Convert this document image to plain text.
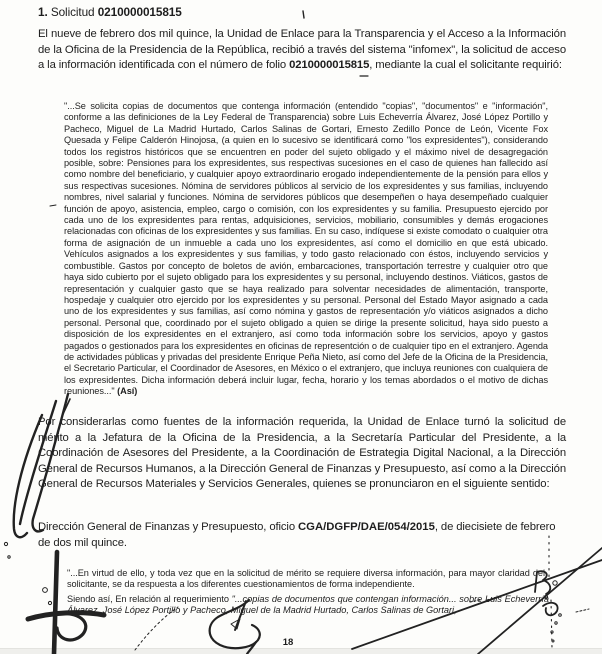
1. Solicitud 0210000015815

El nueve de febrero dos mil quince, la Unidad de Enlace para la Transparencia y el Acceso a la Información de la Oficina de la Presidencia de la República, recibió a través del sistema "infomex", la solicitud de acceso a la información identificada con el número de folio 0210000015815, mediante la cual el solicitante requirió:

"...Se solicita copias de documentos que contenga información (entendido "copias", "documentos" e "información", conforme a las definiciones de la Ley Federal de Transparencia) sobre Luis Echeverría Álvarez, José López Portillo y Pacheco, Miguel de La Madrid Hurtado, Carlos Salinas de Gortari, Ernesto Zedillo Ponce de León, Vicente Fox Quesada y Felipe Calderón Hinojosa, (a quien en lo sucesivo se identificará como "los expresidentes"), considerando todos los registros históricos que se encuentren en poder del sujeto obligado y el máximo nivel de desagregación posible, sobre: Pensiones para los expresidentes, sus respectivas sucesiones en el caso de quienes han fallecido así como nombre del beneficiario, y cualquier apoyo extraordinario erogado independientemente de la pensión para ellos y sus respectivas sucesiones. Nómina de servidores públicos al servicio de los expresidentes y sus familias, incluyendo nombres, nivel salarial y funciones. Nómina de servidores públicos que desempeñen o haya desempeñado cualquier función de apoyo, asistencia, empleo, cargo o comisión, con los expresidentes y su familia. Presupuesto ejercido por cada uno de los expresidentes para rentas, adquisiciones, servicios, mobiliario, consumibles y demás erogaciones relacionadas con oficinas de los expresidentes y sus familias. En su caso, indíquese si existe comodato o cualquier otra forma de asignación de un inmueble a cada uno los expresidentes, así como el domicilio en que está ubicado. Vehículos asignados a los expresidentes y sus familias, y todo gasto relacionado con éstos, incluyendo servicios y combustible. Gastos por concepto de boletos de avión, embarcaciones, transportación terrestre y cualquier otro que haya sido cubierto por el sujeto obligado para los expresidentes y su personal, incluyendo destinos. Viáticos, gastos de representación y cualquier gasto que se haya realizado para solventar necesidades de alimentación, transporte, hospedaje y cualquier otro ejercido por los expresidentes y su personal. Personal del Estado Mayor asignado a cada uno de los expresidentes y sus familias, así como nómina y gastos de representación y/o viáticos asignados a dicho personal. Personal que, coordinado por el sujeto obligado a quien se dirige la presente solicitud, haya sido puesto a disposición de los expresidentes en el extranjero, así como toda información sobre los servicios, apoyo y gastos pagados o gestionados para los expresidentes en oficinas de representción o de cualquier tipo en el extranjero. Agenda de actividades públicas y privadas del presidente Enrique Peña Nieto, así como del Jefe de la Oficina de la Presidencia, el Secretario Particular, el Coordinador de Asesores, en México o el extranjero, que incluya reuniones con cualquiera de los expresidentes. Dicha información deberá incluir lugar, fecha, horario y los temas abordados o el motivo de dichas reuniones..." (Así)

Por considerarlas como fuentes de la información requerida, la Unidad de Enlace turnó la solicitud de mérito a la Jefatura de la Oficina de la Presidencia, a la Secretaría Particular del Presidente, a la Coordinación de Asesores del Presidente, a la Coordinación de Estrategia Digital Nacional, a la Dirección General de Recursos Humanos, a la Dirección General de Finanzas y Presupuesto, así como a la Dirección General de Recursos Materiales y Servicios Generales, quienes se pronunciaron en el siguiente sentido:

Dirección General de Finanzas y Presupuesto, oficio CGA/DGFP/DAE/054/2015, de diecisiete de febrero de dos mil quince.

"...En virtud de ello, y toda vez que en la solicitud de mérito se requiere diversa información, para mayor claridad del solicitante, se da respuesta a los diferentes cuestionamientos de forma independiente.

Siendo así, En relación al requerimiento "...copias de documentos que contengan información... sobre Luis Echeverría Álvarez, José López Portillo y Pacheco, Miguel de la Madrid Hurtado, Carlos Salinas de Gortari,

18
